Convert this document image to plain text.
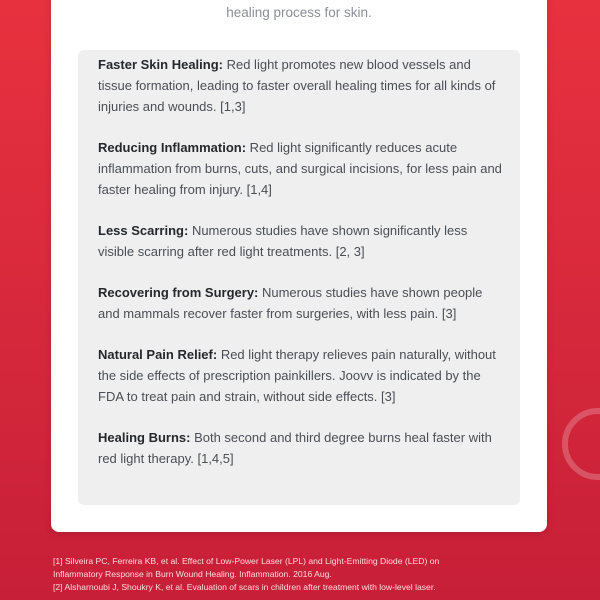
healing process for skin.

Faster Skin Healing: Red light promotes new blood vessels and tissue formation, leading to faster overall healing times for all kinds of injuries and wounds. [1,3]
Reducing Inflammation: Red light significantly reduces acute inflammation from burns, cuts, and surgical incisions, for less pain and faster healing from injury. [1,4]
Less Scarring: Numerous studies have shown significantly less visible scarring after red light treatments. [2, 3]
Recovering from Surgery: Numerous studies have shown people and mammals recover faster from surgeries, with less pain. [3]
Natural Pain Relief: Red light therapy relieves pain naturally, without the side effects of prescription painkillers. Joovv is indicated by the FDA to treat pain and strain, without side effects. [3]
Healing Burns: Both second and third degree burns heal faster with red light therapy. [1,4,5]
[1] Silveira PC, Ferreira KB, et al. Effect of Low-Power Laser (LPL) and Light-Emitting Diode (LED) on
Inflammatory Response in Burn Wound Healing. Inflammation. 2016 Aug.
[2] Alsharnoubi J, Shoukry K, et al. Evaluation of scars in children after treatment with low-level laser.
